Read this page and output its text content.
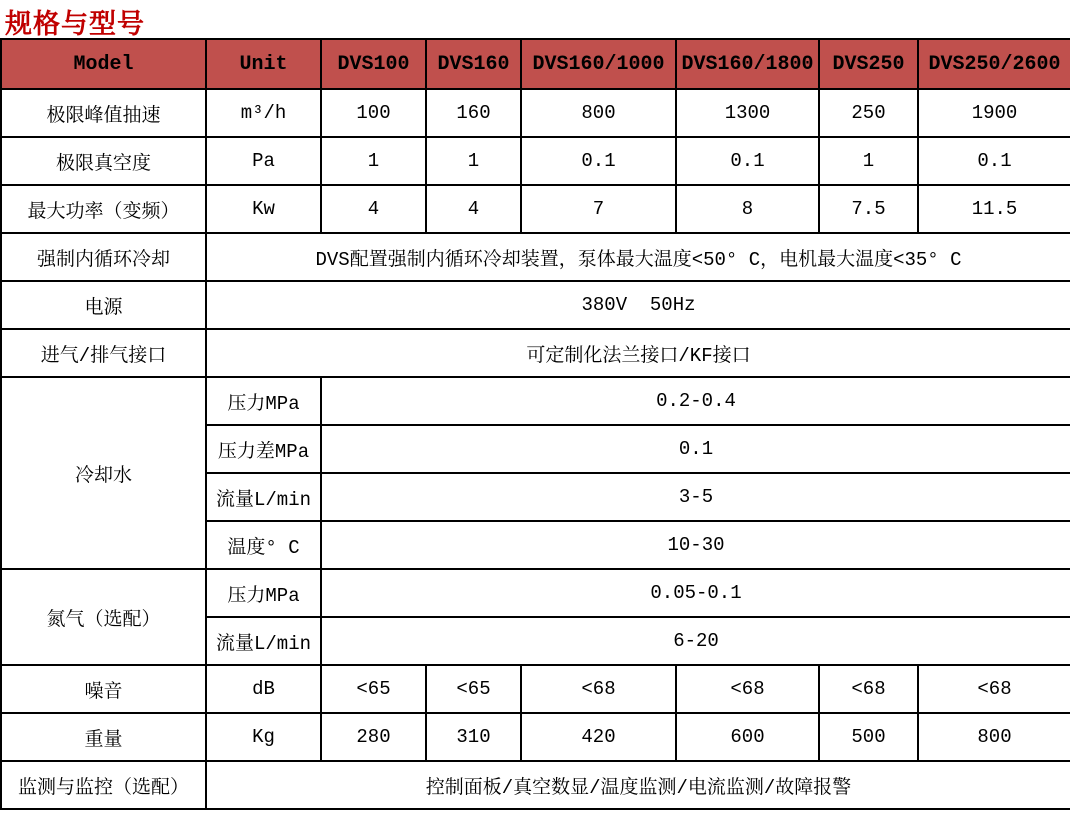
规格与型号
Model	Unit	DVS100	DVS160	DVS160/1000	DVS160/1800	DVS250	DVS250/2600
极限峰值抽速	m³/h	100	160	800	1300	250	1900
极限真空度	Pa	1	1	0.1	0.1	1	0.1
最大功率（变频）	Kw	4	4	7	8	7.5	11.5
强制内循环冷却	DVS配置强制内循环冷却装置，泵体最大温度<50° C，电机最大温度<35° C						
电源	380V  50Hz						
进气/排气接口	可定制化法兰接口/KF接口						
冷却水	压力MPa	0.2-0.4					
	压力差MPa	0.1					
	流量L/min	3-5					
	温度° C	10-30					
氮气（选配）	压力MPa	0.05-0.1					
	流量L/min	6-20					
噪音	dB	<65	<65	<68	<68	<68	<68
重量	Kg	280	310	420	600	500	800
监测与监控（选配）	控制面板/真空数显/温度监测/电流监测/故障报警						
